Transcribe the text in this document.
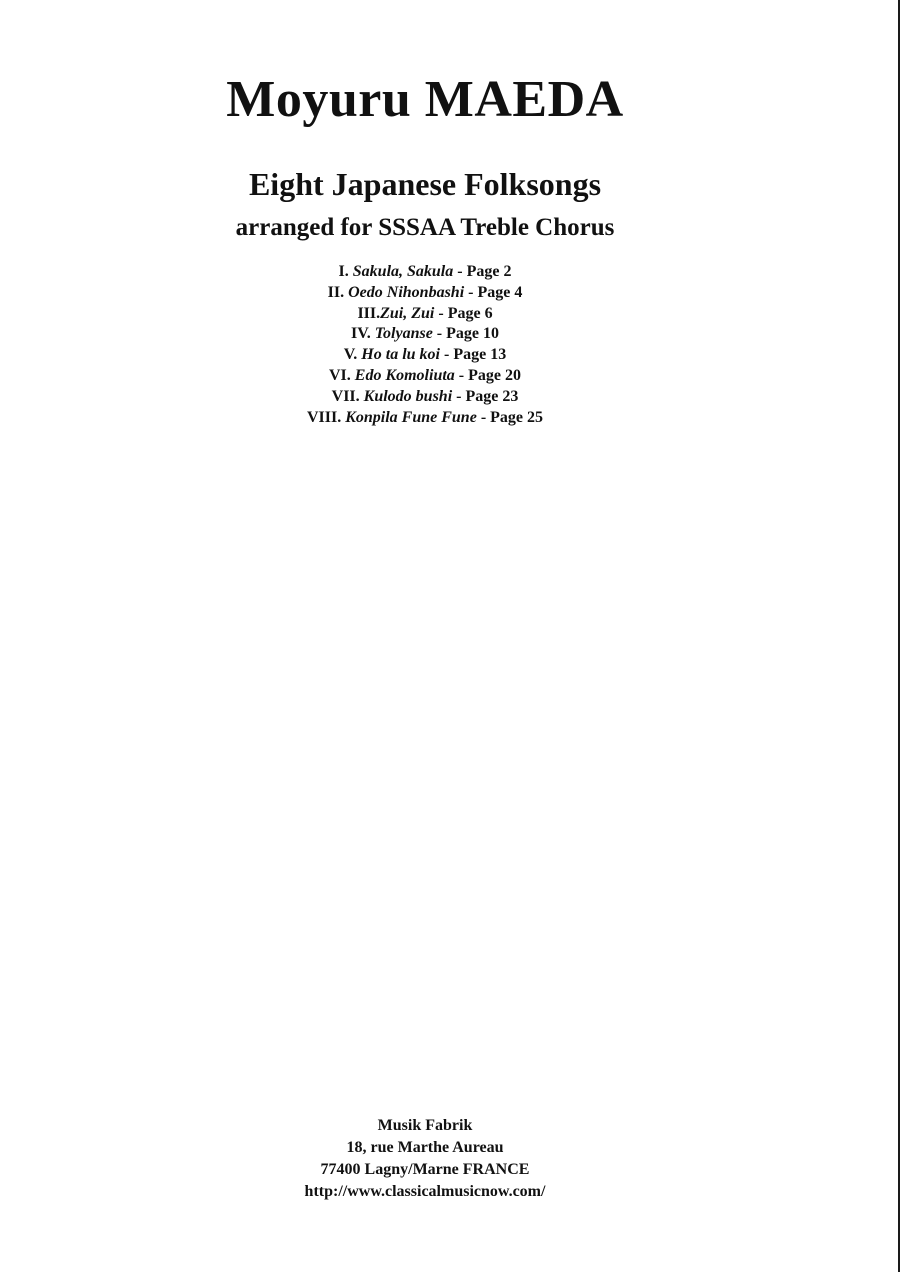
Moyuru MAEDA
Eight Japanese Folksongs
arranged for SSSAA Treble Chorus
I. Sakula, Sakula - Page 2
II. Oedo Nihonbashi - Page 4
III.Zui, Zui - Page 6
IV. Tolyanse - Page 10
V. Ho ta lu koi - Page 13
VI. Edo Komoliuta - Page 20
VII. Kulodo bushi - Page 23
VIII. Konpila Fune Fune - Page 25
Musik Fabrik
18, rue Marthe Aureau
77400 Lagny/Marne FRANCE
http://www.classicalmusicnow.com/
